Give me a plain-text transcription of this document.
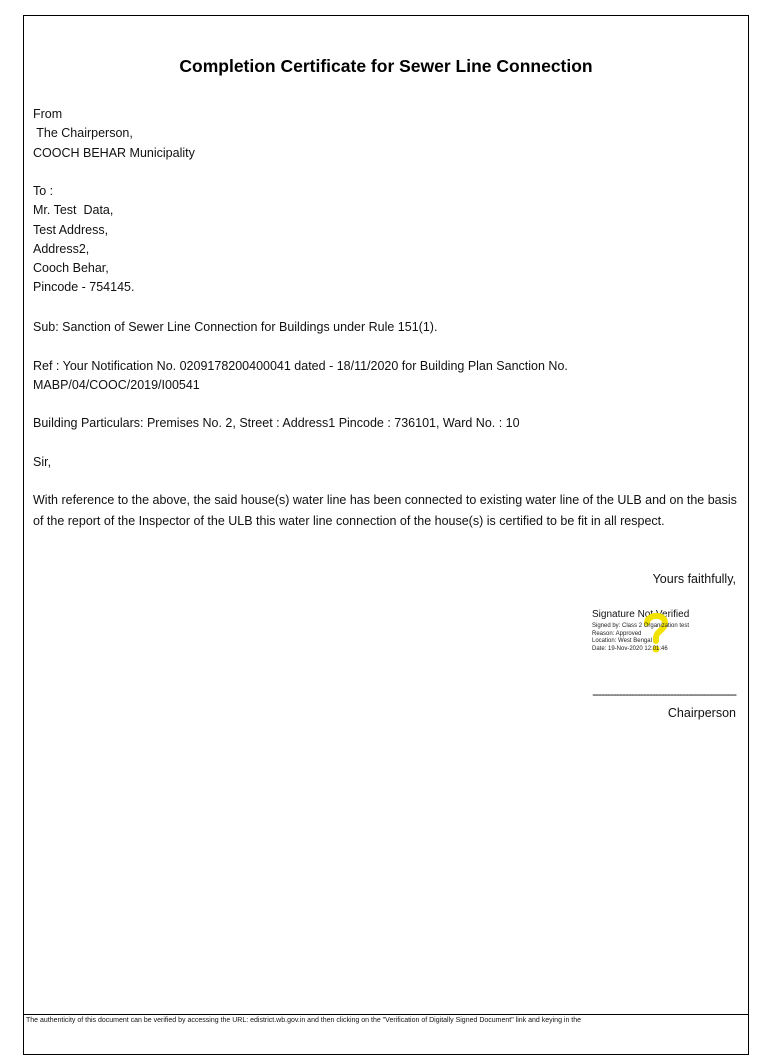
Completion Certificate for Sewer Line Connection
From
The Chairperson,
COOCH BEHAR Municipality
To :
Mr. Test  Data,
Test Address,
Address2,
Cooch Behar,
Pincode - 754145.
Sub: Sanction of Sewer Line Connection for Buildings under Rule 151(1).
Ref : Your Notification No. 0209178200400041 dated - 18/11/2020 for Building Plan Sanction No.
MABP/04/COOC/2019/I00541
Building Particulars: Premises No. 2, Street : Address1 Pincode : 736101, Ward No. : 10
Sir,
With reference to the above, the said house(s) water line has been connected to existing water line of the ULB and on the basis of the report of the Inspector of the ULB this water line connection of the house(s) is certified to be fit in all respect.
Yours faithfully,
Signature Not Verified
Signed by: Class 2 Organization test
Reason: Approved
Location: West Bengal
Date: 19-Nov-2020 12:01:46
------------------------------------------------
Chairperson
The authenticity of this document can be verified by accessing the URL: edistrict.wb.gov.in and then clicking on the "Verification of Digitally Signed Document" link and keying in the
